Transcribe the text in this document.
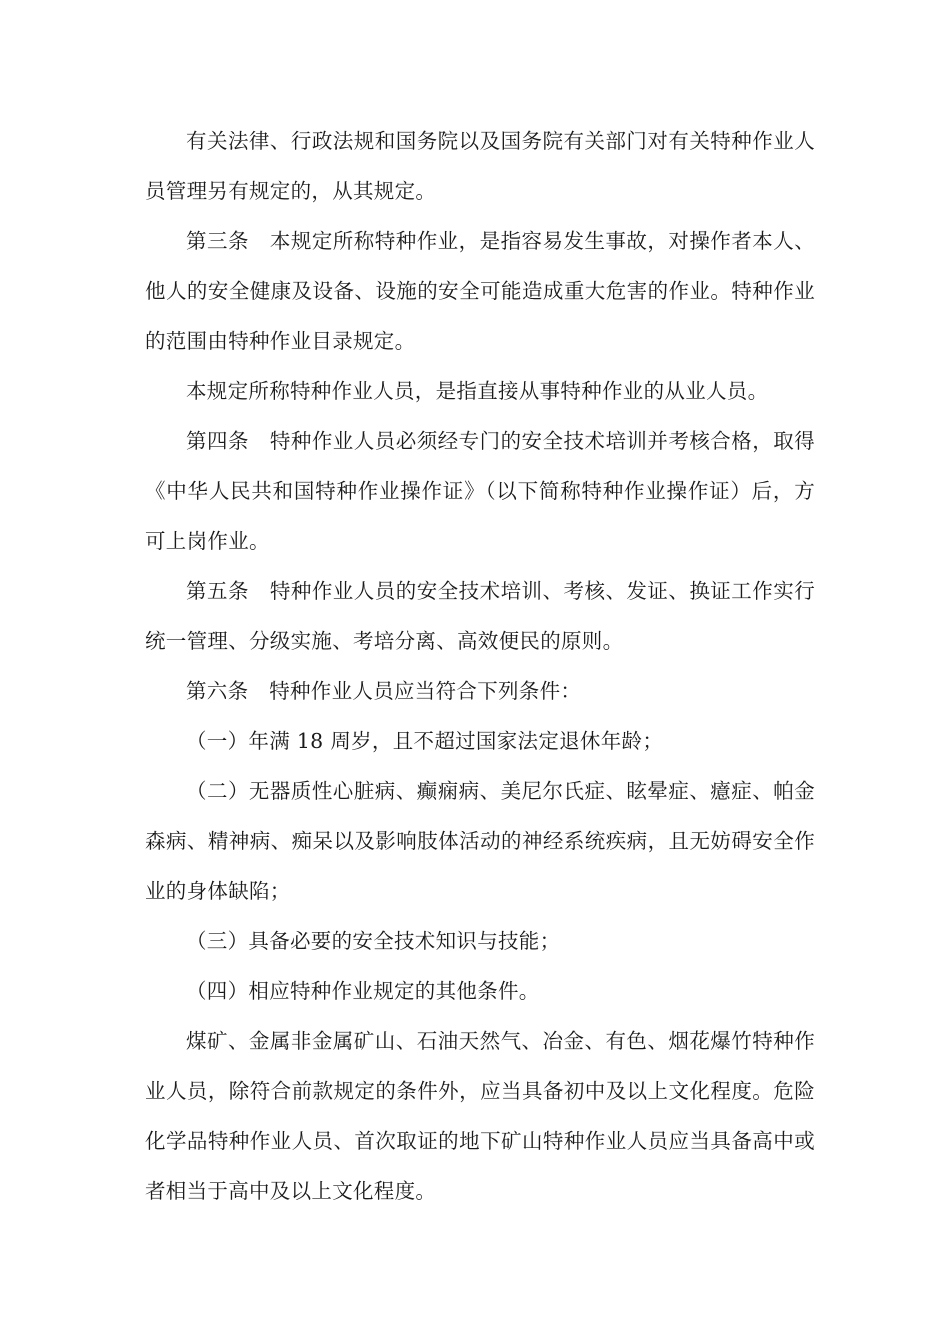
有关法律、行政法规和国务院以及国务院有关部门对有关特种作业人员管理另有规定的，从其规定。

第三条　本规定所称特种作业，是指容易发生事故，对操作者本人、他人的安全健康及设备、设施的安全可能造成重大危害的作业。特种作业的范围由特种作业目录规定。

本规定所称特种作业人员，是指直接从事特种作业的从业人员。

第四条　特种作业人员必须经专门的安全技术培训并考核合格，取得《中华人民共和国特种作业操作证》（以下简称特种作业操作证）后，方可上岗作业。

第五条　特种作业人员的安全技术培训、考核、发证、换证工作实行统一管理、分级实施、考培分离、高效便民的原则。

第六条　特种作业人员应当符合下列条件：

（一）年满 18 周岁，且不超过国家法定退休年龄；

（二）无器质性心脏病、癫痫病、美尼尔氏症、眩晕症、癔症、帕金森病、精神病、痴呆以及影响肢体活动的神经系统疾病，且无妨碍安全作业的身体缺陷；

（三）具备必要的安全技术知识与技能；

（四）相应特种作业规定的其他条件。

煤矿、金属非金属矿山、石油天然气、冶金、有色、烟花爆竹特种作业人员，除符合前款规定的条件外，应当具备初中及以上文化程度。危险化学品特种作业人员、首次取证的地下矿山特种作业人员应当具备高中或者相当于高中及以上文化程度。
